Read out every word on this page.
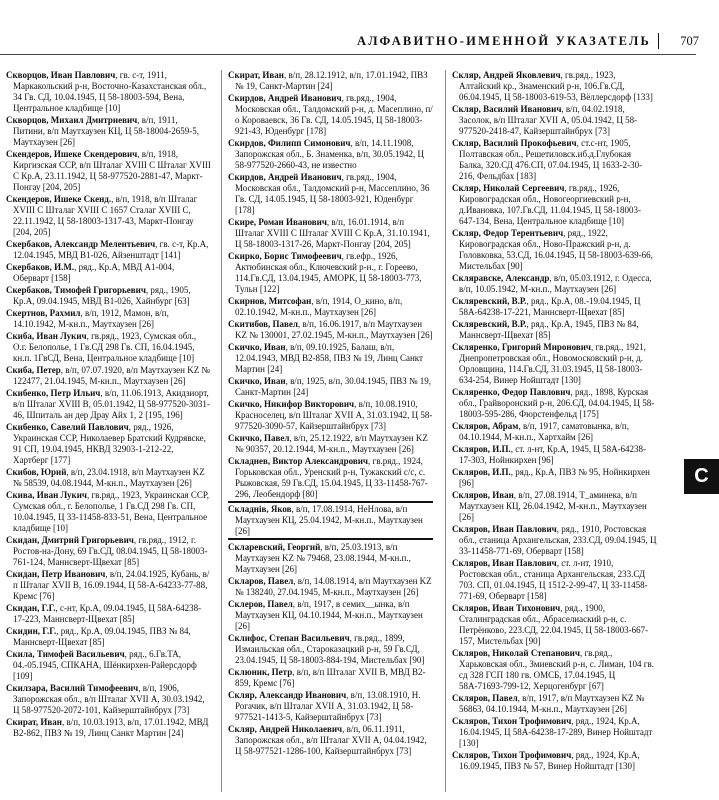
АЛФАВИТНО-ИМЕННОЙ УКАЗАТЕЛЬ 707

Скворцов, Иван Павлович, гв. с-т, 1911, Маркакольский р-н, Восточно-Казахстанская обл., 34 Гв. СД, 10.04.1945, Ц 58-18003-594, Вена, Центральное кладбище [10]

Скворцов, Михаил Дмитриевич, в/п, 1911, Питини, в/п Маутхаузен КЦ, Ц 58-18004-2659-5, Маутхаузен [26]

Скендеров, Ишеке Скендерович, в/п, 1918, Киргизская ССР, в/п Шталаг XVIII С Шталаг XVIII С Кр.А, 23.11.1942, Ц 58-977520-2881-47, Маркт-Понгау [204, 205]

Скендеров, Ишеке Скенд., в/п, 1918, в/п Шталаг XVIII С Шталаг XVIII С 1657 Сталаг XVIII С, 22.11.1942, Ц 58-18003-1317-43, Маркт-Понгау [204, 205]

Скербаков, Александр Мелентьевич, гв. с-т, Кр.А, 12.04.1945, МВД В1-026, Айзенштадт [141]

Скербаков, И.М., ряд., Кр.А, МВД А1-004, Оберварт [158]

Скербаков, Тимофей Григорьевич, ряд., 1905, Кр.А, 09.04.1945, МВД В1-026, Хайнбург [63]

Скертнов, Рахмил, в/п, 1912, Мамон, в/п, 14.10.1942, М-кн.п., Маутхаузен [26]

Скиба, Иван Лукич, гв.ряд., 1923, Сумская обл., О.г. Белополье, 1 Гв.СД 298 Гв. СП, 16.04.1945, кн.п. 1ГвСД, Вена, Центральное кладбище [10]

Скиба, Петер, в/п, 07.07.1920, в/п Маутхаузен KZ № 122477, 21.04.1945, М-кн.п., Маутхаузен [26]

Скибенко, Петр Ильич, в/п, 11.06.1913, Акидзиорт, в/п Шталаг XVIII В, 05.01.1942, Ц 58-977520-3031-46, Шпиталь ан дер Драу Айх 1, 2 [195, 196]

Скибенко, Савелий Павлович, ряд., 1926, Украинская ССР, Николаевер Братский Кудрявске, 91 СП, 19.04.1945, НКВД 32903-1-212-22, Хартберг [177]

Скибов, Юрий, в/п, 23.04.1918, в/п Маутхаузен KZ № 58539, 04.08.1944, М-кн.п., Маутхаузен [26]

Скива, Иван Лукич, гв.ряд., 1923, Украинская ССР, Сумская обл., г. Белополье, 1 Гв.СД 298 Гв. СП, 10.04.1945, Ц 33-11458-833-51, Вена, Центральное кладбище [10]

Скидан, Дмитрий Григорьевич, гв.ряд., 1912, г. Ростов-на-Дону, 69 Гв.СД, 08.04.1945, Ц 58-18003-761-124, Маннсверт-Щвехат [85]

Скидан, Петр Иванович, в/п, 24.04.1925, Кубань, в/п Шталаг XVII В, 16.09.1944, Ц 58-А-64233-77-88, Кремс [76]

Скидан, Г.Г., с-нт, Кр.А, 09.04.1945, Ц 58А-64238-17-223, Маннсверт-Щвехат [85]

Скидин, Г.Г., ряд., Кр.А, 09.04.1945, ПВЗ № 84, Маннсверт-Щвехат [85]

Скила, Тимофей Васильевич, ряд., 6.Гв.ТА, 04.-05.1945, СПКАНА, Шёнкирхен-Райерсдорф [109]

Скилзара, Василий Тимофеевич, в/п, 1906, Запорожская обл., в/п Шталаг XVII А, 30.03.1942, Ц 58-977520-2072-101, Кайзерштайнбрух [73]

Скират, Иван, в/п, 10.03.1913, в/п, 17.01.1942, МВД В2-862, ПВЗ № 19, Линц Санкт Мартин [24]

Скират, Иван, в/п, 28.12.1912, в/п, 17.01.1942, ПВЗ № 19, Санкт-Мартин [24]

Скирдов, Андрей Иванович, гв.ряд., 1904, Московская обл., Талдомский р-н, д. Масеплино, п/о Короваевск, 36 Гв. СД, 14.05.1945, Ц 58-18003-921-43, Юденбург [178]

Скирдов, Филипп Симонович, в/п, 14.11.1908, Запорожская обл., Б. Знаменка, в/п, 30.05.1942, Ц 58-977520-2660-43, не известно

Скирдов, Андрей Иванович, гв.ряд., 1904, Московская обл., Талдомский р-н, Массеплино, 36 Гв. СД, 14.05.1945, Ц 58-18003-921, Юденбург [178]

Скире, Роман Иванович, в/п, 16.01.1914, в/п Шталаг XVIII С Шталаг XVIII С Кр.А, 31.10.1941, Ц 58-18003-1317-26, Маркт-Понгау [204, 205]

Скирко, Борис Тимофеевич, гв.ефр., 1926, Актюбинская обл., Ключевский р-н., г. Гореево, 114.Гв.СД, 13.04.1945, АМОРК, Ц 58-18003-773, Тульн [122]

Скирнов, Митсофан, в/п, 1914, О_кино, в/п, 02.10.1942, М-кн.п., Маутхаузен [26]

Скитибов, Павел, в/п, 16.06.1917, в/п Маутхаузен KZ № 130001, 27.02.1945, М-кн.п., Маутхаузен [26]

Скичко, Иван, в/п, 09.10.1925, Балаш, в/п, 12.04.1943, МВД В2-858, ПВЗ № 19, Линц Санкт Мартин [24]

Скичко, Иван, в/п, 1925, в/п, 30.04.1945, ПВЗ № 19, Санкт-Мартин [24]

Скичко, Никифор Викторович, в/п, 10.08.1910, Красноселец, в/п Шталаг XVII А, 31.03.1942, Ц 58-977520-3090-57, Кайзерштайнбрух [73]

Скичко, Павел, в/п, 25.12.1922, в/п Маутхаузен KZ № 90357, 20.12.1944, М-кн.п., Маутхаузен [26]

Складнев, Виктор Александрович, гв.ряд., 1924, Горьковская обл., Уренский р-н, Тужакский с/с, с. Рыжовская, 59 Гв.СД, 15.04.1945, Ц 33-11458-767-296, Леобендорф [80]

Складнів, Яков, в/п, 17.08.1914, НеНлова, в/п Маутхаузен КЦ, 25.04.1942, М-кн.п., Маутхаузен [26]

Скларевский, Георгий, в/п, 25.03.1913, в/п Маутхаузен KZ № 79468, 23.08.1944, М-кн.п., Маутхаузен [26]

Скларов, Павел, в/п, 14.08.1914, в/п Маутхаузен KZ № 138240, 27.04.1945, М-кн.п., Маутхаузен [26]

Склеров, Павел, в/п, 1917, в семих__ынка, в/п Маутхаузен КЦ, 04.10.1944, М-кн.п., Маутхаузен [26]

Склифос, Степан Васильевич, гв.ряд., 1899, Измаильская обл., Староказацкий р-н, 59 Гв.СД, 23.04.1945, Ц 58-18003-884-194, Мистельбах [90]

Склюник, Петр, в/п, в/п Шталаг XVII В, МВД В2-859, Кремс [76]

Скляр, Александр Иванович, в/п, 13.08.1910, Н. Рогачик, в/п Шталаг XVII А, 31.03.1942, Ц 58-977521-1413-5, Кайзерштайнбрух [73]

Скляр, Андрей Николаевич, в/п, 06.11.1911, Запорожская обл., в/п Шталаг XVII А, 04.04.1942, Ц 58-977521-1286-100, Кайзерштайнбрух [73]

Скляр, Андрей Яковлевич, гв.ряд., 1923, Алтайский кр., Знаменский р-н, 106.Гв.СД, 06.04.1945, Ц 58-18003-619-53, Вёллерсдорф [133]

Скляр, Василий Иванович, в/п, 04.02.1918, Засолок, в/п Шталаг XVII А, 05.04.1942, Ц 58-977520-2418-47, Кайзерштайнбрух [73]

Скляр, Василий Прокофьевич, ст.с-нт, 1905, Полтавская обл., Решетиловск.иб.д.Глубокая Балка, 320.СД 476.СП, 07.04.1945, Ц 1633-2-30-216, Фельдбах [183]

Скляр, Николай Сергеевич, гв.ряд., 1926, Кировоградская обл., Новогеоргиевский р-н, д.Ивановка, 107.Гв.СД, 11.04.1945, Ц 58-18003-647-134, Вена, Центральное кладбище [10]

Скляр, Федор Терентьевич, ряд., 1922, Кировоградская обл., Ново-Пражский р-н, д. Головковка, 53.СД, 16.04.1945, Ц 58-18003-639-66, Мистельбах [90]

Скляравске, Александр, в/п, 05.03.1912, г. Одесса, в/п, 10.05.1942, М-кн.п., Маутхаузен [26]

Скляревский, В.Р., ряд., Кр.А, 08.-19.04.1945, Ц 58А-64238-17-221, Маннсверт-Щвехат [85]

Скляревский, В.Р., ряд., Кр.А, 1945, ПВЗ № 84, Маннсверт-Щвехат [85]

Скляренко, Григорий Миронович, гв.ряд., 1921, Днепропетровская обл., Новомосковский р-н, д. Орловщина, 114.Гв.СД, 31.03.1945, Ц 58-18003-634-254, Винер Нойштадт [130]

Скляренко, Федор Павлович, ряд., 1898, Курская обл., Грайворонский р-н, 206.СД, 04.04.1945, Ц 58-18003-595-286, Фюрстенфельд [175]

Скляров, Абрам, в/п, 1917, саматовынка, в/п, 04.10.1944, М-кн.п., Хартхайм [26]

Скляров, И.П., ст. л-нт, Кр.А, 1945, Ц 58А-64238-17-303, Нойнкирхен [96]

Скляров, И.П., ряд., Кр.А, ПВЗ № 95, Нойнкирхен [96]

Скляров, Иван, в/п, 27.08.1914, Т_аминека, в/п Маутхаузен КЦ, 26.04.1942, М-кн.п., Маутхаузен [26]

Скляров, Иван Павлович, ряд., 1910, Ростовская обл., станица Архангельская, 233.СД, 09.04.1945, Ц 33-11458-771-69, Оберварт [158]

Скляров, Иван Павлович, ст. л-нт, 1910, Ростовская обл., станица Архангельская, 233.СД 703. СП, 01.04.1945, Ц 1512-2-99-47, Ц 33-11458-771-69, Оберварт [158]

Скляров, Иван Тихонович, ряд., 1900, Сталинградская обл., Абраселиаский р-н, с. Петрёнково, 223.СД, 22.04.1945, Ц 58-18003-667-157, Мистельбах [90]

Скляров, Николай Степанович, гв.ряд., Харьковская обл., Змиевский р-н, с. Лиман, 104 гв. сд 328 ГСП 180 гв. ОМСБ, 17.04.1945, Ц 58А-71693-799-12, Херцогенбург [67]

Скляров, Павел, в/п, 1917, в/п Маутхаузен KZ № 56863, 04.10.1944, М-кн.п., Маутхаузен [26]

Скляров, Тихон Трофимович, ряд., 1924, Кр.А, 16.04.1945, Ц 58А-64238-17-289, Винер Нойштадт [130]

Скляров, Тихон Трофимович, ряд., 1924, Кр.А, 16.09.1945, ПВЗ № 57, Винер Нойштадт [130]

С
